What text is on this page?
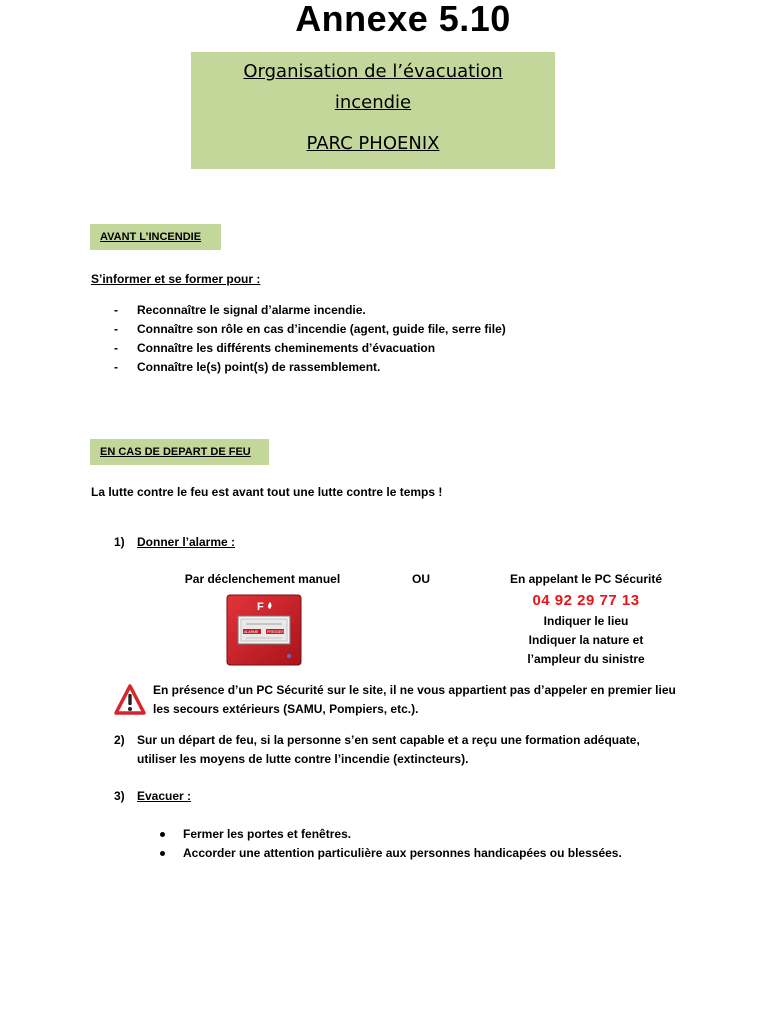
Annexe 5.10
Organisation de l’évacuation
incendie
PARC PHOENIX
AVANT L’INCENDIE
S’informer et se former pour :
- Reconnaître le signal d’alarme incendie.
- Connaître son rôle en cas d’incendie (agent, guide file, serre file)
- Connaître les différents cheminements d’évacuation
- Connaître le(s) point(s) de rassemblement.
EN CAS DE DEPART DE FEU
La lutte contre le feu est avant tout une lutte contre le temps !
1) Donner l’alarme :
Par déclenchement manuel	OU	En appelant le PC Sécurité
04 92 29 77 13
Indiquer le lieu
Indiquer la nature et
l’ampleur du sinistre
F
ALARME PRESSER
En présence d’un PC Sécurité sur le site, il ne vous appartient pas d’appeler en premier lieu
les secours extérieurs (SAMU, Pompiers, etc.).
2) Sur un départ de feu, si la personne s’en sent capable et a reçu une formation adéquate,
utiliser les moyens de lutte contre l’incendie (extincteurs).
3) Evacuer :
Fermer les portes et fenêtres.
Accorder une attention particulière aux personnes handicapées ou blessées.
